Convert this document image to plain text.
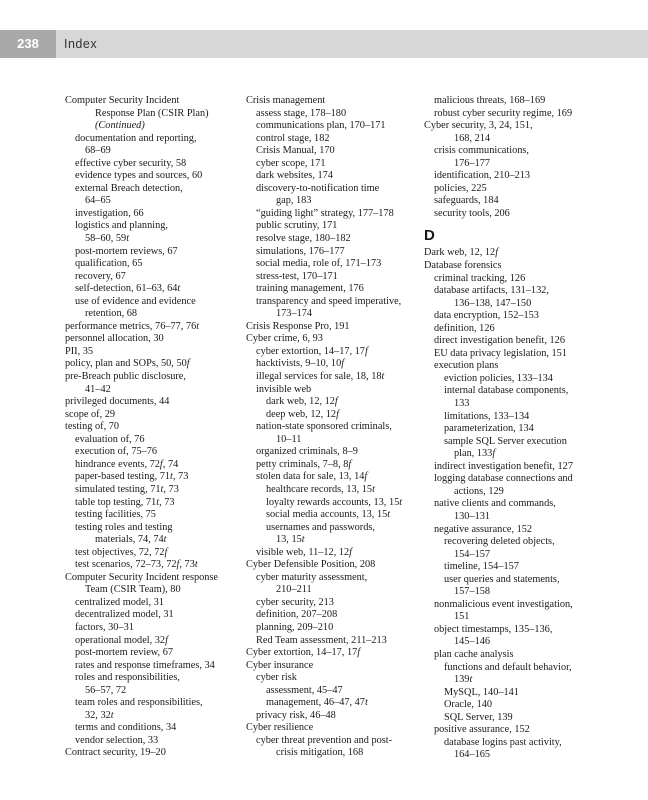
238	Index
Computer Security Incident
Response Plan (CSIR Plan)
(Continued)
documentation and reporting,
68–69
effective cyber security, 58
evidence types and sources, 60
external Breach detection,
64–65
investigation, 66
logistics and planning,
58–60, 59t
post-mortem reviews, 67
qualification, 65
recovery, 67
self-detection, 61–63, 64t
use of evidence and evidence
retention, 68
performance metrics, 76–77, 76t
personnel allocation, 30
PII, 35
policy, plan and SOPs, 50, 50f
pre-Breach public disclosure,
41–42
privileged documents, 44
scope of, 29
testing of, 70
evaluation of, 76
execution of, 75–76
hindrance events, 72f, 74
paper-based testing, 71t, 73
simulated testing, 71t, 73
table top testing, 71t, 73
testing facilities, 75
testing roles and testing
materials, 74, 74t
test objectives, 72, 72f
test scenarios, 72–73, 72f, 73t
Computer Security Incident response
Team (CSIR Team), 80
centralized model, 31
decentralized model, 31
factors, 30–31
operational model, 32f
post-mortem review, 67
rates and response timeframes, 34
roles and responsibilities,
56–57, 72
team roles and responsibilities,
32, 32t
terms and conditions, 34
vendor selection, 33
Contract security, 19–20
Crisis management
assess stage, 178–180
communications plan, 170–171
control stage, 182
Crisis Manual, 170
cyber scope, 171
dark websites, 174
discovery-to-notification time
gap, 183
“guiding light” strategy, 177–178
public scrutiny, 171
resolve stage, 180–182
simulations, 176–177
social media, role of, 171–173
stress-test, 170–171
training management, 176
transparency and speed imperative,
173–174
Crisis Response Pro, 191
Cyber crime, 6, 93
cyber extortion, 14–17, 17f
hacktivists, 9–10, 10f
illegal services for sale, 18, 18t
invisible web
dark web, 12, 12f
deep web, 12, 12f
nation-state sponsored criminals,
10–11
organized criminals, 8–9
petty criminals, 7–8, 8f
stolen data for sale, 13, 14f
healthcare records, 13, 15t
loyalty rewards accounts, 13, 15t
social media accounts, 13, 15t
usernames and passwords,
13, 15t
visible web, 11–12, 12f
Cyber Defensible Position, 208
cyber maturity assessment,
210–211
cyber security, 213
definition, 207–208
planning, 209–210
Red Team assessment, 211–213
Cyber extortion, 14–17, 17f
Cyber insurance
cyber risk
assessment, 45–47
management, 46–47, 47t
privacy risk, 46–48
Cyber resilience
cyber threat prevention and post-
crisis mitigation, 168
malicious threats, 168–169
robust cyber security regime, 169
Cyber security, 3, 24, 151,
168, 214
crisis communications,
176–177
identification, 210–213
policies, 225
safeguards, 184
security tools, 206
D
Dark web, 12, 12f
Database forensics
criminal tracking, 126
database artifacts, 131–132,
136–138, 147–150
data encryption, 152–153
definition, 126
direct investigation benefit, 126
EU data privacy legislation, 151
execution plans
eviction policies, 133–134
internal database components,
133
limitations, 133–134
parameterization, 134
sample SQL Server execution
plan, 133f
indirect investigation benefit, 127
logging database connections and
actions, 129
native clients and commands,
130–131
negative assurance, 152
recovering deleted objects,
154–157
timeline, 154–157
user queries and statements,
157–158
nonmalicious event investigation,
151
object timestamps, 135–136,
145–146
plan cache analysis
functions and default behavior,
139t
MySQL, 140–141
Oracle, 140
SQL Server, 139
positive assurance, 152
database logins past activity,
164–165
